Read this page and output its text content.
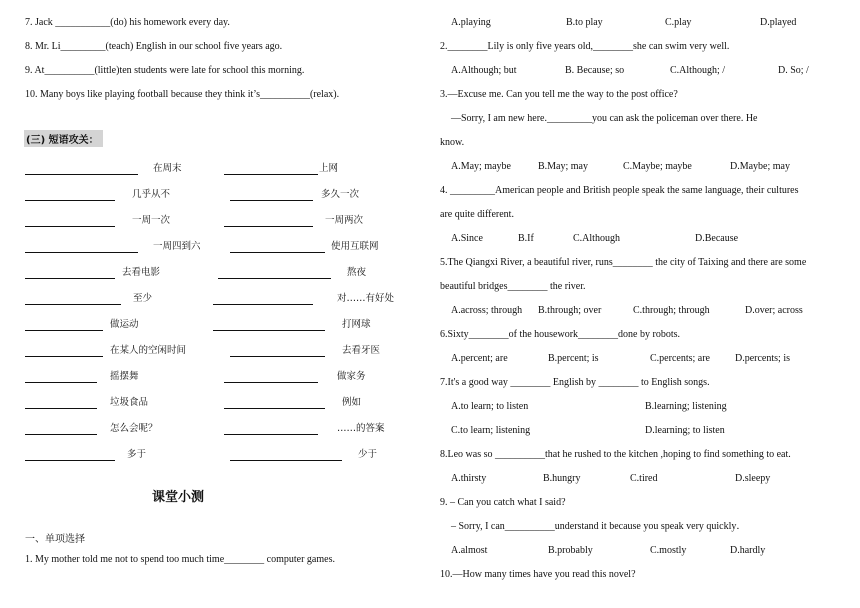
7. Jack ___________(do) his homework every day.
8. Mr. Li_________(teach) English in our school five years ago.
9. At__________(little)ten students were late for school this morning.
10. Many boys like playing football because they think it’s__________(relax).
(三) 短语攻关：
在周末	上网
几乎从不	多久一次
一周一次	一周两次
一周四到六	使用互联网
去看电影	熬夜
至少	对……有好处
做运动	打网球
在某人的空闲时间	去看牙医
摇摆舞	做家务
垃圾食品	例如
怎么会呢？	……的答案
多于	少于
课堂小测
一、单项选择
1. My mother told me not to spend too much time________ computer games.
A.playing	B.to play	C.play	D.played
2.________Lily is only five years old,________she can swim very well.
A.Although; but	B. Because; so	C.Although; /	D. So; /
3.—Excuse me. Can you tell me the way to the post office?
—Sorry, I am new here._________you can ask the policeman over there. He
know.
A.May; maybe	B.May; may	C.Maybe; maybe	D.Maybe; may
4. _________American people and British people speak the same language, their cultures
are quite different.
A.Since	B.If	C.Although	D.Because
5.The Qiangxi River, a beautiful river, runs________ the city of Taixing and there are some
beautiful bridges________ the river.
A.across; through B.through; over	C.through; through	D.over; across
6.Sixty________of the housework________done by robots.
A.percent; are	B.percent; is	C.percents; are	D.percents; is
7.It's a good way ________ English by ________ to English songs.
A.to learn; to listen	B.learning; listening
C.to learn; listening	D.learning; to listen
8.Leo was so __________that he rushed to the kitchen ,hoping to find something to eat.
A.thirsty	B.hungry	C.tired	D.sleepy
9. – Can you catch what I said?
– Sorry, I can__________understand it because you speak very quickly．
A.almost	B.probably	C.mostly	D.hardly
10.—How many times have you read this novel?
